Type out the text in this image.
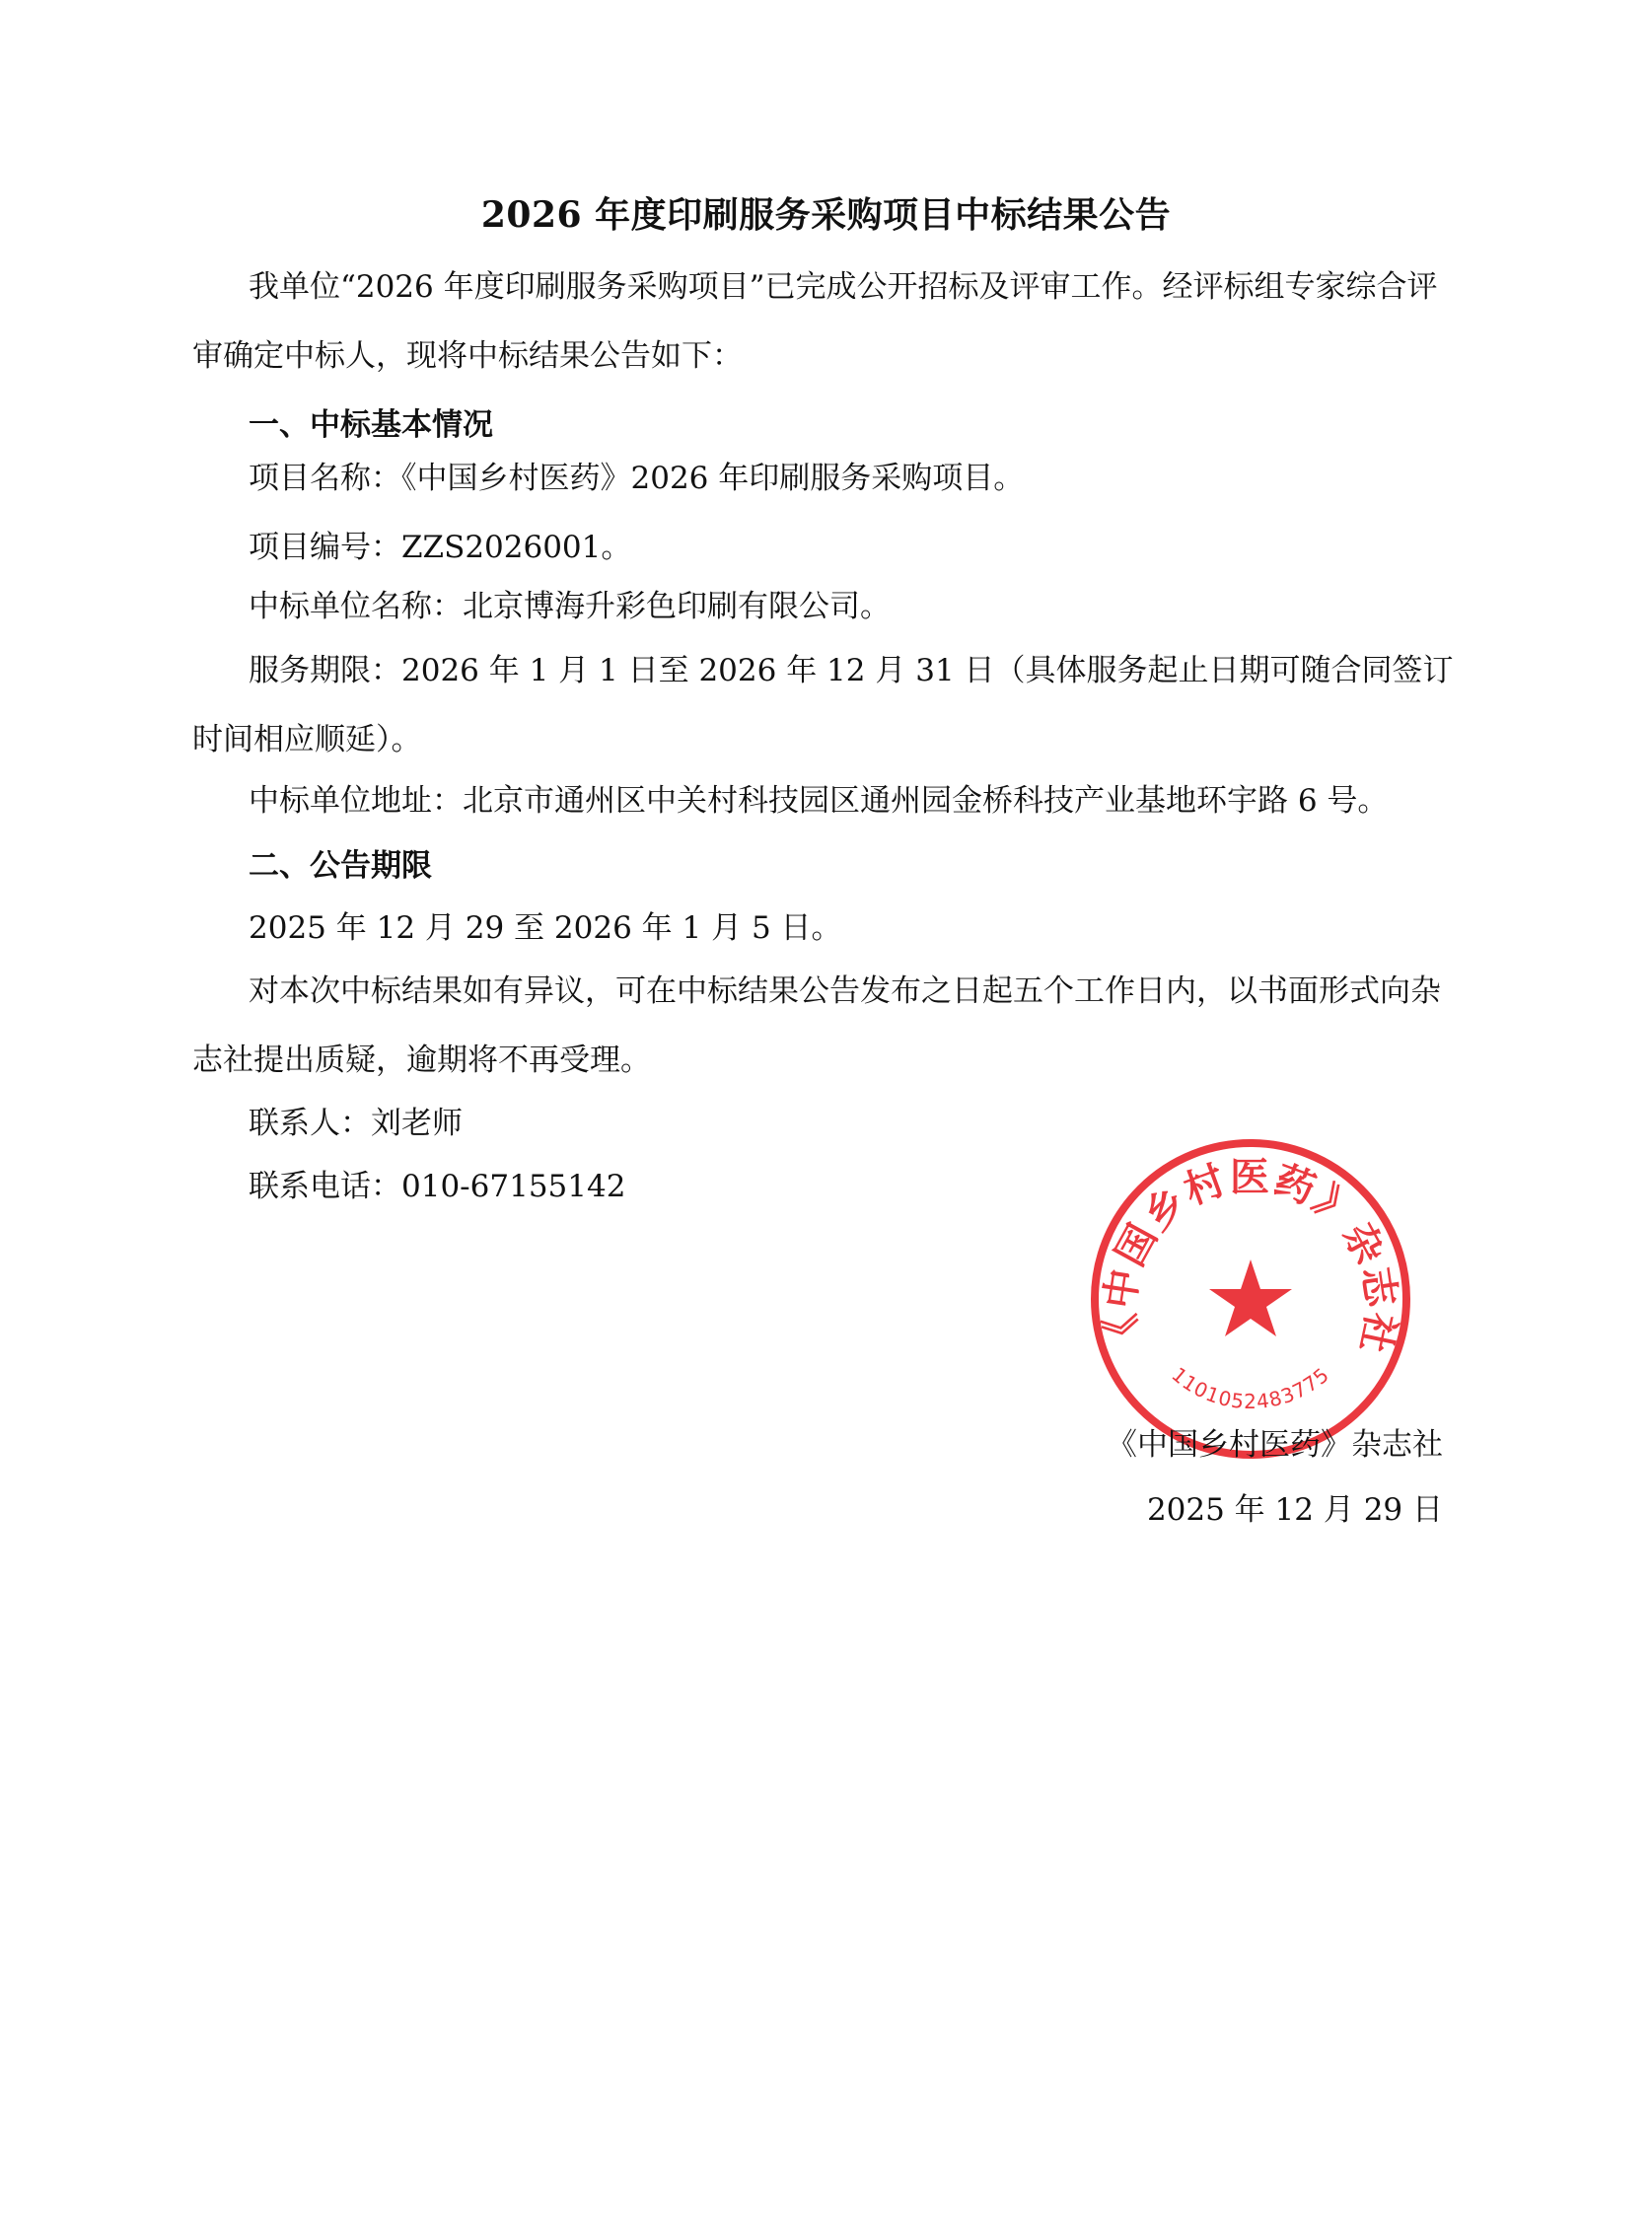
2026 年度印刷服务采购项目中标结果公告
我单位“2026 年度印刷服务采购项目”已完成公开招标及评审工作。经评标组专家综合评审确定中标人，现将中标结果公告如下：
一、中标基本情况
项目名称：《中国乡村医药》2026 年印刷服务采购项目。
项目编号：ZZS2026001。
中标单位名称：北京博海升彩色印刷有限公司。
服务期限：2026 年 1 月 1 日至 2026 年 12 月 31 日（具体服务起止日期可随合同签订时间相应顺延）。
中标单位地址：北京市通州区中关村科技园区通州园金桥科技产业基地环宇路 6 号。
二、公告期限
2025 年 12 月 29 至 2026 年 1 月 5 日。
对本次中标结果如有异议，可在中标结果公告发布之日起五个工作日内，以书面形式向杂志社提出质疑，逾期将不再受理。
联系人：刘老师
联系电话：010-67155142
《中国乡村医药》杂志社
1101052483775
《中国乡村医药》杂志社
2025 年 12 月 29 日
